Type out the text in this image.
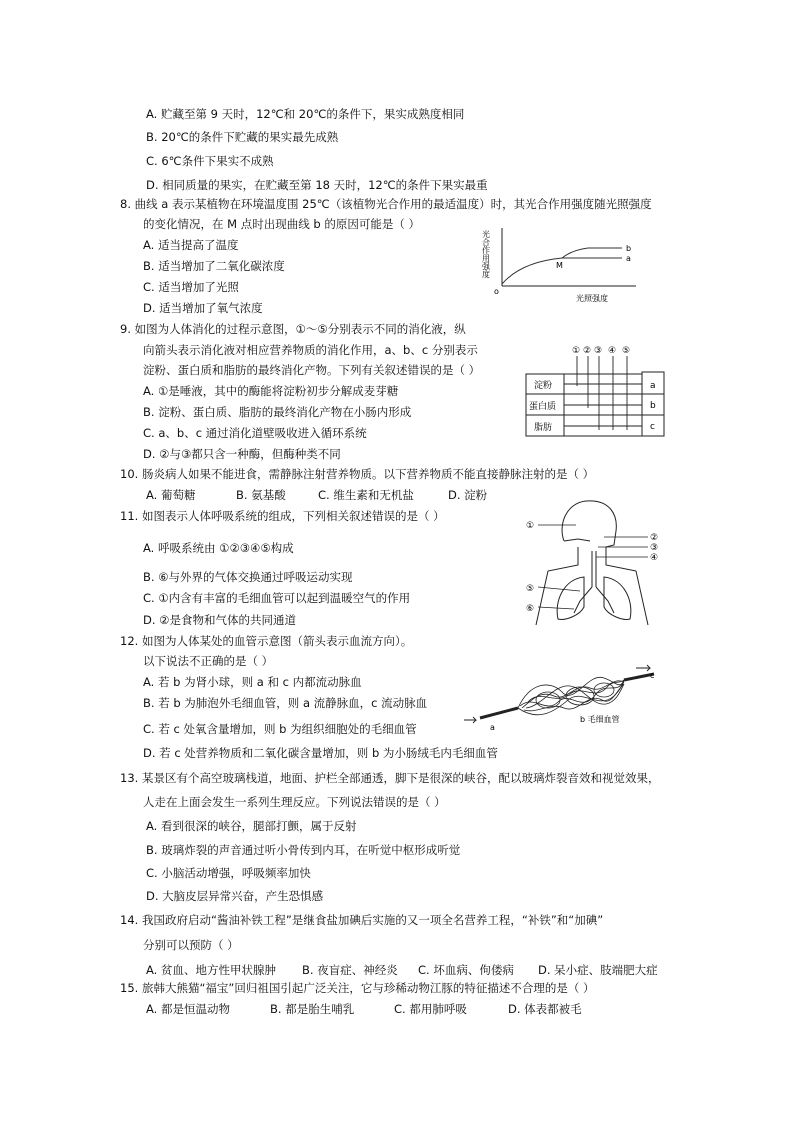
A. 贮藏至第 9 天时，12℃和 20℃的条件下，果实成熟度相同
B. 20℃的条件下贮藏的果实最先成熟
C. 6℃条件下果实不成熟
D. 相同质量的果实，在贮藏至第 18 天时，12℃的条件下果实最重
8. 曲线 a 表示某植物在环境温度围 25℃（该植物光合作用的最适温度）时，其光合作用强度随光照强度
的变化情况，在 M 点时出现曲线 b 的原因可能是（ ）
A. 适当提高了温度
B. 适当增加了二氧化碳浓度
C. 适当增加了光照
D. 适当增加了氧气浓度
光合作用强度
o
M
b
a
光照强度
9. 如图为人体消化的过程示意图，①～⑤分别表示不同的消化液，纵
向箭头表示消化液对相应营养物质的消化作用，a、b、c 分别表示
淀粉、蛋白质和脂肪的最终消化产物。下列有关叙述错误的是（ ）
A. ①是唾液，其中的酶能将淀粉初步分解成麦芽糖
B. 淀粉、蛋白质、脂肪的最终消化产物在小肠内形成
C. a、b、c 通过消化道壁吸收进入循环系统
D. ②与③都只含一种酶，但酶种类不同
① ② ③ ④ ⑤
淀粉
蛋白质
脂肪
a
b
c
10. 肠炎病人如果不能进食，需静脉注射营养物质。以下营养物质不能直接静脉注射的是（ ）
A. 葡萄糖	B. 氨基酸	C. 维生素和无机盐	D. 淀粉
11. 如图表示人体呼吸系统的组成，下列相关叙述错误的是（ ）
A. 呼吸系统由 ①②③④⑤构成
B. ⑥与外界的气体交换通过呼吸运动实现
C. ①内含有丰富的毛细血管可以起到温暖空气的作用
D. ②是食物和气体的共同通道
①
②
③
④
⑤
⑥
12. 如图为人体某处的血管示意图（箭头表示血流方向）。
以下说法不正确的是（ ）
A. 若 b 为肾小球，则 a 和 c 内都流动脉血
B. 若 b 为肺泡外毛细血管，则 a 流静脉血，c 流动脉血
C. 若 c 处氧含量增加，则 b 为组织细胞处的毛细血管
D. 若 c 处营养物质和二氧化碳含量增加，则 b 为小肠绒毛内毛细血管
a
c
b 毛细血管
13. 某景区有个高空玻璃栈道，地面、护栏全部通透，脚下是很深的峡谷，配以玻璃炸裂音效和视觉效果，
人走在上面会发生一系列生理反应。下列说法错误的是（ ）
A. 看到很深的峡谷，腿部打颤，属于反射
B. 玻璃炸裂的声音通过听小骨传到内耳，在听觉中枢形成听觉
C. 小脑活动增强，呼吸频率加快
D. 大脑皮层异常兴奋，产生恐惧感
14. 我国政府启动“酱油补铁工程”是继食盐加碘后实施的又一项全名营养工程，“补铁”和“加碘”
分别可以预防（ ）
A. 贫血、地方性甲状腺肿 B. 夜盲症、神经炎 C. 坏血病、佝偻病 D. 呆小症、肢端肥大症
15. 旅韩大熊猫“福宝”回归祖国引起广泛关注，它与珍稀动物江豚的特征描述不合理的是（ ）
A. 都是恒温动物	B. 都是胎生哺乳	C. 都用肺呼吸	D. 体表都被毛
